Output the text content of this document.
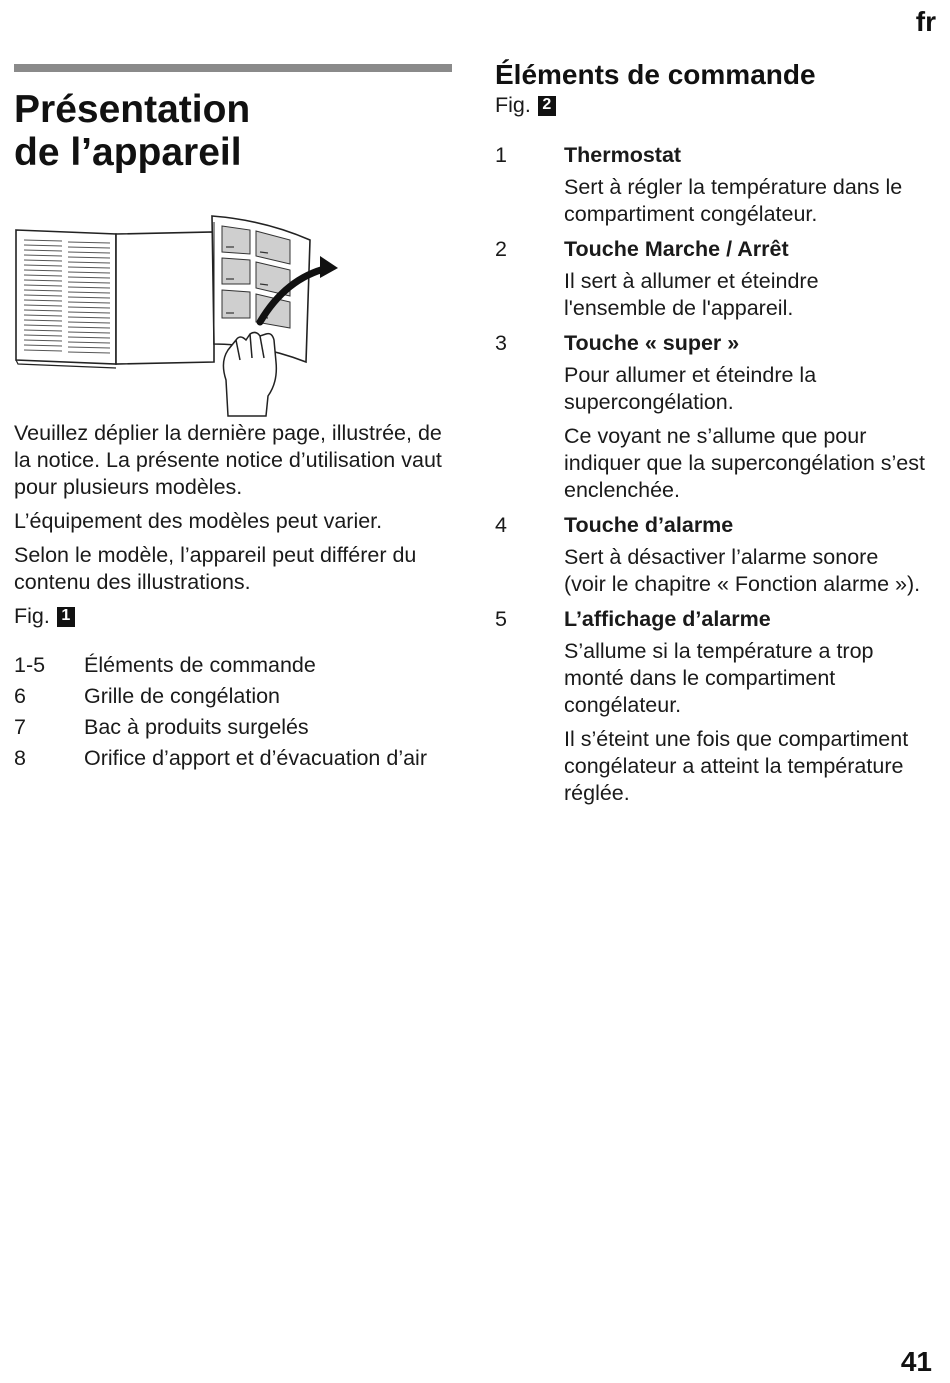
fr
Présentation
de l’appareil

Veuillez déplier la dernière page, illustrée, de la notice. La présente notice d’utilisation vaut pour plusieurs modèles.

L’équipement des modèles peut varier.

Selon le modèle, l’appareil peut différer du contenu des illustrations.

Fig. 1
1-5	Éléments de commande
6	Grille de congélation
7	Bac à produits surgelés
8	Orifice d’apport et d’évacuation d’air
Éléments de commande
Fig. 2
1	Thermostat
Sert à régler la température dans le compartiment congélateur.
2	Touche Marche / Arrêt
Il sert à allumer et éteindre l'ensemble de l'appareil.
3	Touche « super »
Pour allumer et éteindre la supercongélation.
Ce voyant ne s’allume que pour indiquer que la supercongélation s’est enclenchée.
4	Touche d’alarme
Sert à désactiver l’alarme sonore (voir le chapitre « Fonction alarme »).
5	L’affichage d’alarme
S’allume si la température a trop monté dans le compartiment congélateur.
Il s’éteint une fois que compartiment congélateur a atteint la température réglée.
41
